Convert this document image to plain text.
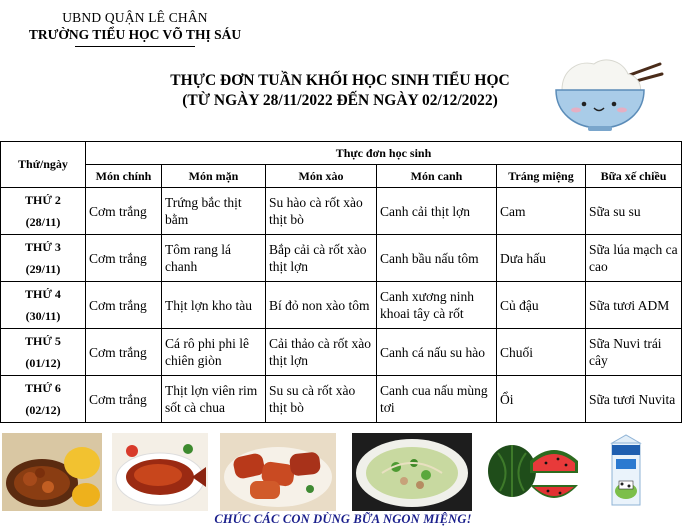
UBND QUẬN LÊ CHÂN
TRƯỜNG TIỂU HỌC VÕ THỊ SÁU
THỰC ĐƠN TUẦN KHỐI HỌC SINH TIỂU HỌC
(TỪ NGÀY 28/11/2022 ĐẾN NGÀY 02/12/2022)
Thứ/ngày	Thực đơn học sinh					
	Món chính	Món mặn	Món xào	Món canh	Tráng miệng	Bữa xế chiều

THỨ 2
(28/11)	Cơm trắng	Trứng bắc thịt bằm	Su hào cà rốt xào thịt bò	Canh cải thịt lợn	Cam	Sữa su su

THỨ 3
(29/11)	Cơm trắng	Tôm rang lá chanh	Bắp cải cà rốt xào thịt lợn	Canh bầu nấu tôm	Dưa hấu	Sữa lúa mạch ca cao

THỨ 4
(30/11)	Cơm trắng	Thịt lợn kho tàu	Bí đỏ non xào tôm	Canh xương ninh khoai tây cà rốt	Củ đậu	Sữa tươi ADM

THỨ 5
(01/12)	Cơm trắng	Cá rô phi phi lê chiên giòn	Cải thảo cà rốt xào thịt lợn	Canh cá nấu su hào	Chuối	Sữa Nuvi trái cây

THỨ 6
(02/12)	Cơm trắng	Thịt lợn viên rim sốt cà chua	Su su cà rốt xào thịt bò	Canh cua nấu mùng tơi	Ổi	Sữa tươi Nuvita
CHÚC CÁC CON DÙNG BỮA NGON MIỆNG!
